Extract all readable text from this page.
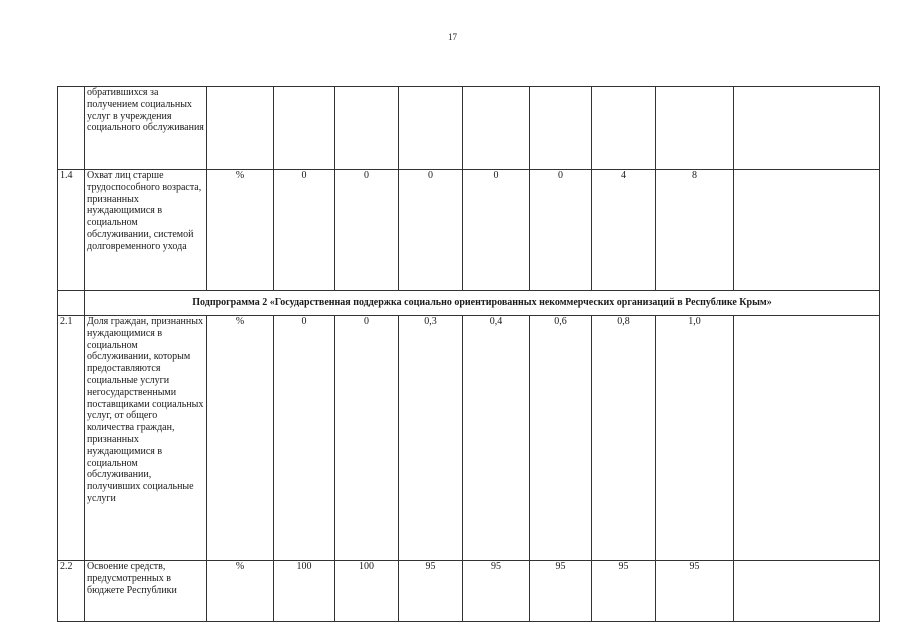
17
	обратившихся за получением социальных услуг в учреждения социального обслуживания									
1.4	Охват лиц старше трудоспособного возраста, признанных нуждающимися в социальном обслуживании, системой долговременного ухода	%	0	0	0	0	0	4	8	
	Подпрограмма 2 «Государственная поддержка социально ориентированных некоммерческих организаций в Республике Крым»									
2.1	Доля граждан, признанных нуждающимися в социальном обслуживании, которым предоставляются социальные услуги негосударственными поставщиками социальных услуг, от общего количества граждан, признанных нуждающимися в социальном обслуживании, получивших социальные услуги	%	0	0	0,3	0,4	0,6	0,8	1,0	
2.2	Освоение средств, предусмотренных в бюджете Республики	%	100	100	95	95	95	95	95	
